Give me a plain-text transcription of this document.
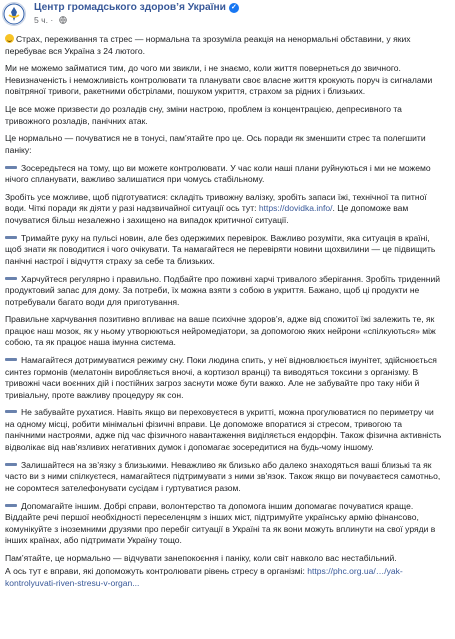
Центр громадського здоров’я України ✓
5 ч. ·

Страх, переживання та стрес — нормальна та зрозуміла реакція на ненормальні обставини, у яких перебуває вся Україна з 24 лютого.

Ми не можемо займатися тим, до чого ми звикли, і не знаємо, коли життя повернеться до звичного. Невизначеність і неможливість контролювати та планувати своє власне життя крокують поруч із сигналами повітряної тривоги, ракетними обстрілами, пошуком укриття, страхом за рідних і близьких.

Це все може призвести до розладів сну, зміни настрою, проблем із концентрацією, депресивного та тривожного розладів, панічних атак.

Це нормально — почуватися не в тонусі, пам’ятайте про це. Ось поради як зменшити стрес та полегшити паніку:

Зосередьтеся на тому, що ви можете контролювати. У час коли наші плани руйнуються і ми не можемо нічого спланувати, важливо залишатися при чомусь стабільному.

Зробіть усе можливе, щоб підготуватися: складіть тривожну валізку, зробіть запаси їжі, технічної та питної води. Чіткі поради як діяти у разі надзвичайної ситуації ось тут: https://dovidka.info/. Це допоможе вам почуватися більш незалежно і захищено на випадок критичної ситуації.

Тримайте руку на пульсі новин, але без одержимих перевірок. Важливо розуміти, яка ситуація в країні, щоб знати як поводитися і чого очікувати. Та намагайтеся не перевіряти новини щохвилини — це підвищить панічні настрої і відчуття страху за себе та близьких.

Харчуйтеся регулярно і правильно. Подбайте про поживні харчі тривалого зберігання. Зробіть триденний продуктовий запас для дому. За потреби, їх можна взяти з собою в укриття. Бажано, щоб ці продукти не потребували багато води для приготування.

Правильне харчування позитивно впливає на ваше психічне здоров’я, адже від спожитої їжі залежить те, як працює наш мозок, як у ньому утворюються нейромедіатори, за допомогою яких нейрони «спілкуються» між собою, та як працює наша імунна система.

Намагайтеся дотримуватися режиму сну. Поки людина спить, у неї відновлюється імунітет, здійснюється синтез гормонів (мелатонін виробляється вночі, а кортизол вранці) та виводяться токсини з організму. В тривожні часи воєнних дій і постійних загроз заснути може бути важко. Але не забувайте про таку ніби й тривіальну, проте важливу процедуру як сон.

Не забувайте рухатися. Навіть якщо ви перехову​єтеся в укритті, можна прогулюватися по периметру чи на одному місці, робити мінімальні фізичні вправи. Це допоможе впоратися зі стресом, тривогою та панічними настроями, адже під час фізичного навантаження виділяється ендорфін. Також фізична активність відволікає від нав’язливих негативних думок і допомагає зосередитися на будь-чому іншому.

Залишайтеся на зв’язку з близькими. Неважливо як близько або далеко знаходяться ваші близькі та як часто ви з ними спілкуєтеся, намагайтеся підтримувати з ними зв’язок. Також якщо ви почуваєтеся самотньо, не соромтеся зателефонувати сусідам і гуртуватися разом.

Допомагайте іншим. Добрі справи, волонтерство та допомога іншим допомагає почуватися краще. Віддайте речі першої необхідності переселенцям з інших міст, підтримуйте українську армію фінансово, комунікуйте з іноземними друзями про перебіг ситуації в Україні та як вони можуть вплинути на свої уряди в інших країнах, або підтримати Україну тощо.

Пам’ятайте, це нормально — відчувати занепокоєння і паніку, коли світ навколо вас нестабільний.

А ось тут є вправи, які допоможуть контролювати рівень стресу в організмі: https://phc.org.ua/…/yak-kontrolyuvati-riven-stresu-v-organ...
